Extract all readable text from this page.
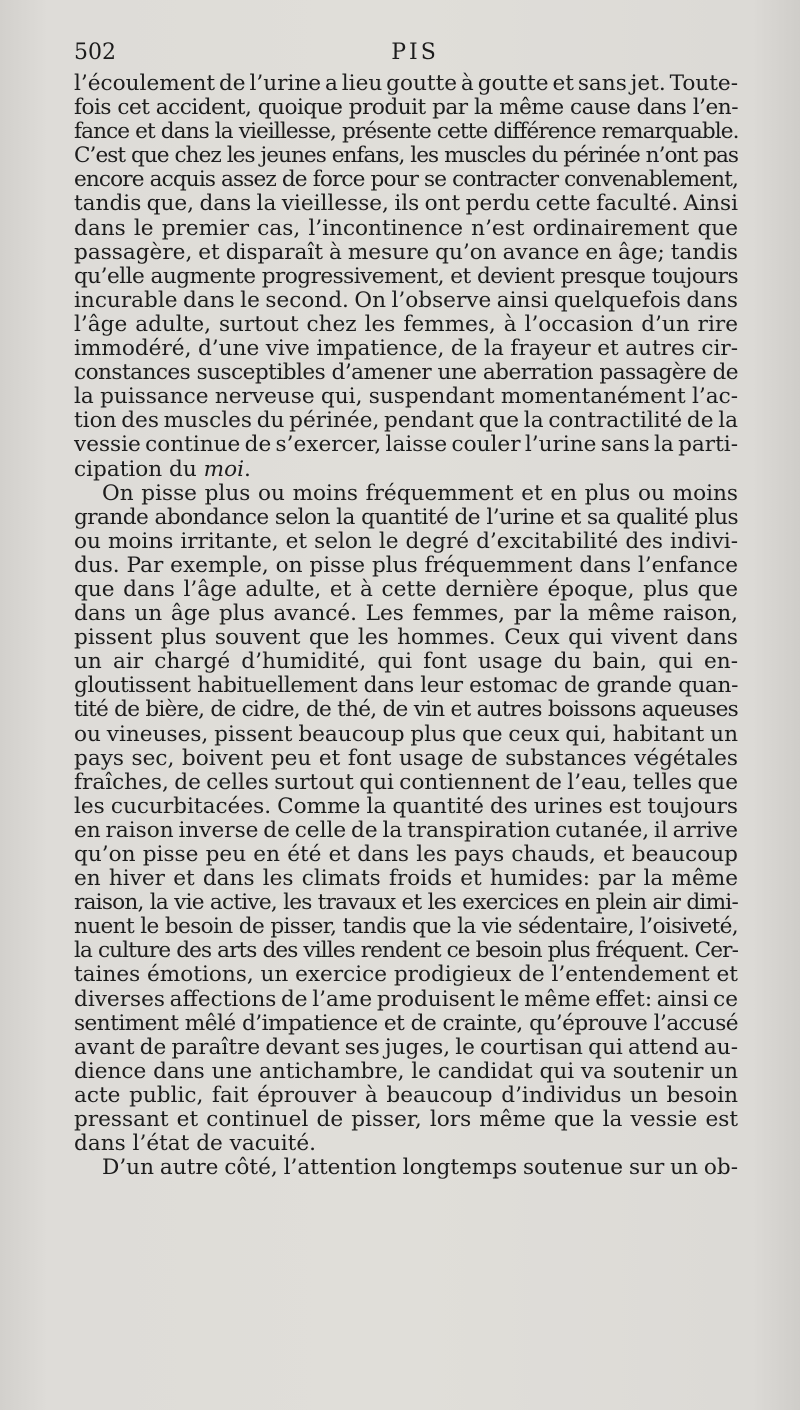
502	PIS
l’écoulement de l’urine a lieu goutte à goutte et sans jet. Toute-
fois cet accident, quoique produit par la même cause dans l’en-
fance et dans la vieillesse, présente cette différence remarquable.
C’est que chez les jeunes enfans, les muscles du périnée n’ont pas
encore acquis assez de force pour se contracter convenablement,
tandis que, dans la vieillesse, ils ont perdu cette faculté. Ainsi
dans le premier cas, l’incontinence n’est ordinairement que
passagère, et disparaît à mesure qu’on avance en âge; tandis
qu’elle augmente progressivement, et devient presque toujours
incurable dans le second. On l’observe ainsi quelquefois dans
l’âge adulte, surtout chez les femmes, à l’occasion d’un rire
immodéré, d’une vive impatience, de la frayeur et autres cir-
constances susceptibles d’amener une aberration passagère de
la puissance nerveuse qui, suspendant momentanément l’ac-
tion des muscles du périnée, pendant que la contractilité de la
vessie continue de s’exercer, laisse couler l’urine sans la parti-
cipation du moi.
On pisse plus ou moins fréquemment et en plus ou moins
grande abondance selon la quantité de l’urine et sa qualité plus
ou moins irritante, et selon le degré d’excitabilité des indivi-
dus. Par exemple, on pisse plus fréquemment dans l’enfance
que dans l’âge adulte, et à cette dernière époque, plus que
dans un âge plus avancé. Les femmes, par la même raison,
pissent plus souvent que les hommes. Ceux qui vivent dans
un air chargé d’humidité, qui font usage du bain, qui en-
gloutissent habituellement dans leur estomac de grande quan-
tité de bière, de cidre, de thé, de vin et autres boissons aqueuses
ou vineuses, pissent beaucoup plus que ceux qui, habitant un
pays sec, boivent peu et font usage de substances végétales
fraîches, de celles surtout qui contiennent de l’eau, telles que
les cucurbitacées. Comme la quantité des urines est toujours
en raison inverse de celle de la transpiration cutanée, il arrive
qu’on pisse peu en été et dans les pays chauds, et beaucoup
en hiver et dans les climats froids et humides: par la même
raison, la vie active, les travaux et les exercices en plein air dimi-
nuent le besoin de pisser, tandis que la vie sédentaire, l’oisiveté,
la culture des arts des villes rendent ce besoin plus fréquent. Cer-
taines émotions, un exercice prodigieux de l’entendement et
diverses affections de l’ame produisent le même effet: ainsi ce
sentiment mêlé d’impatience et de crainte, qu’éprouve l’accusé
avant de paraître devant ses juges, le courtisan qui attend au-
dience dans une antichambre, le candidat qui va soutenir un
acte public, fait éprouver à beaucoup d’individus un besoin
pressant et continuel de pisser, lors même que la vessie est
dans l’état de vacuité.
D’un autre côté, l’attention longtemps soutenue sur un ob-
